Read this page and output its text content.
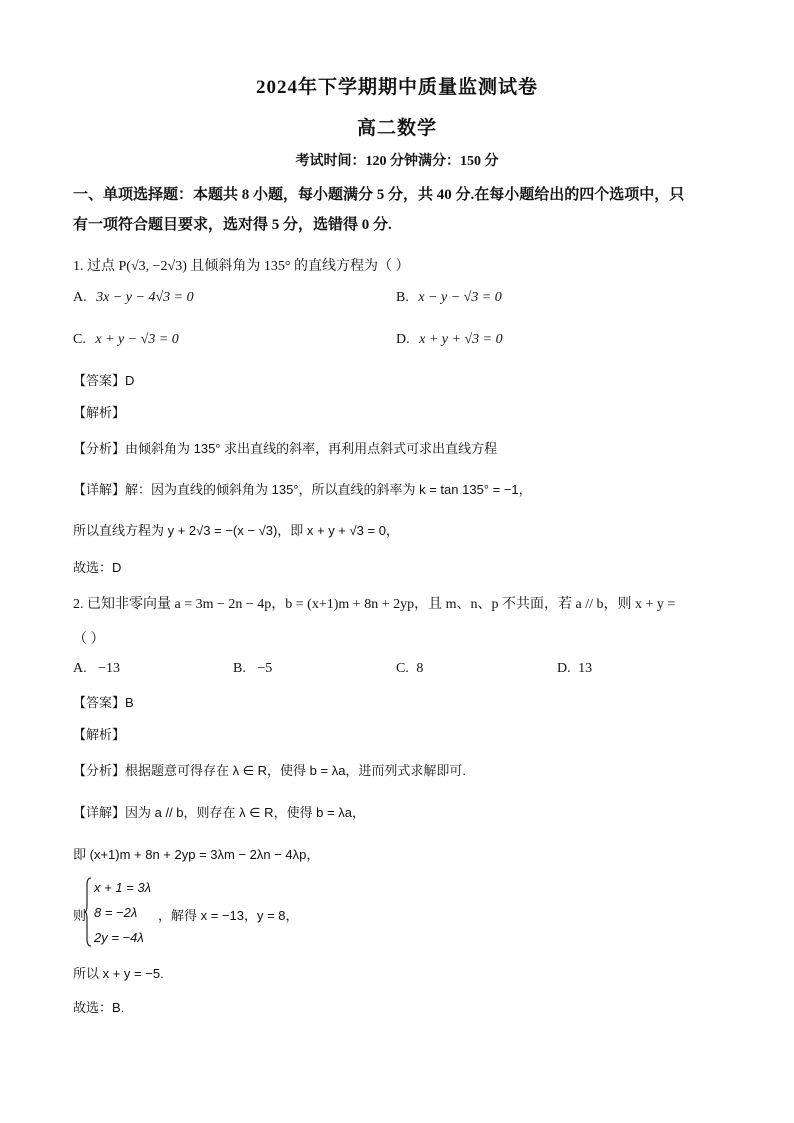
2024年下学期期中质量监测试卷
高二数学
考试时间：120 分钟满分：150 分
一、单项选择题：本题共 8 小题，每小题满分 5 分，共 40 分.在每小题给出的四个选项中，只
有一项符合题目要求，选对得 5 分，选错得 0 分.
1. 过点 P(√3, −2√3) 且倾斜角为 135° 的直线方程为（ ）
A. 3x − y − 4√3 = 0	B. x − y − √3 = 0
C. x + y − √3 = 0	D. x + y + √3 = 0
【答案】D
【解析】
【分析】由倾斜角为 135° 求出直线的斜率，再利用点斜式可求出直线方程
【详解】解：因为直线的倾斜角为 135°，所以直线的斜率为 k = tan 135° = −1，
所以直线方程为 y + 2√3 = −(x − √3)，即 x + y + √3 = 0，
故选：D
2. 已知非零向量 a = 3m − 2n − 4p，b = (x+1)m + 8n + 2yp，且 m、n、p 不共面，若 a // b，则 x + y =
（ ）
A. −13	B. −5	C. 8	D. 13
【答案】B
【解析】
【分析】根据题意可得存在 λ ∈ R，使得 b = λa，进而列式求解即可.
【详解】因为 a // b，则存在 λ ∈ R，使得 b = λa，
即 (x+1)m + 8n + 2yp = 3λm − 2λn − 4λp，
则
x + 1 = 3λ
8 = −2λ
2y = −4λ
，解得 x = −13，y = 8，
所以 x + y = −5.
故选：B.
